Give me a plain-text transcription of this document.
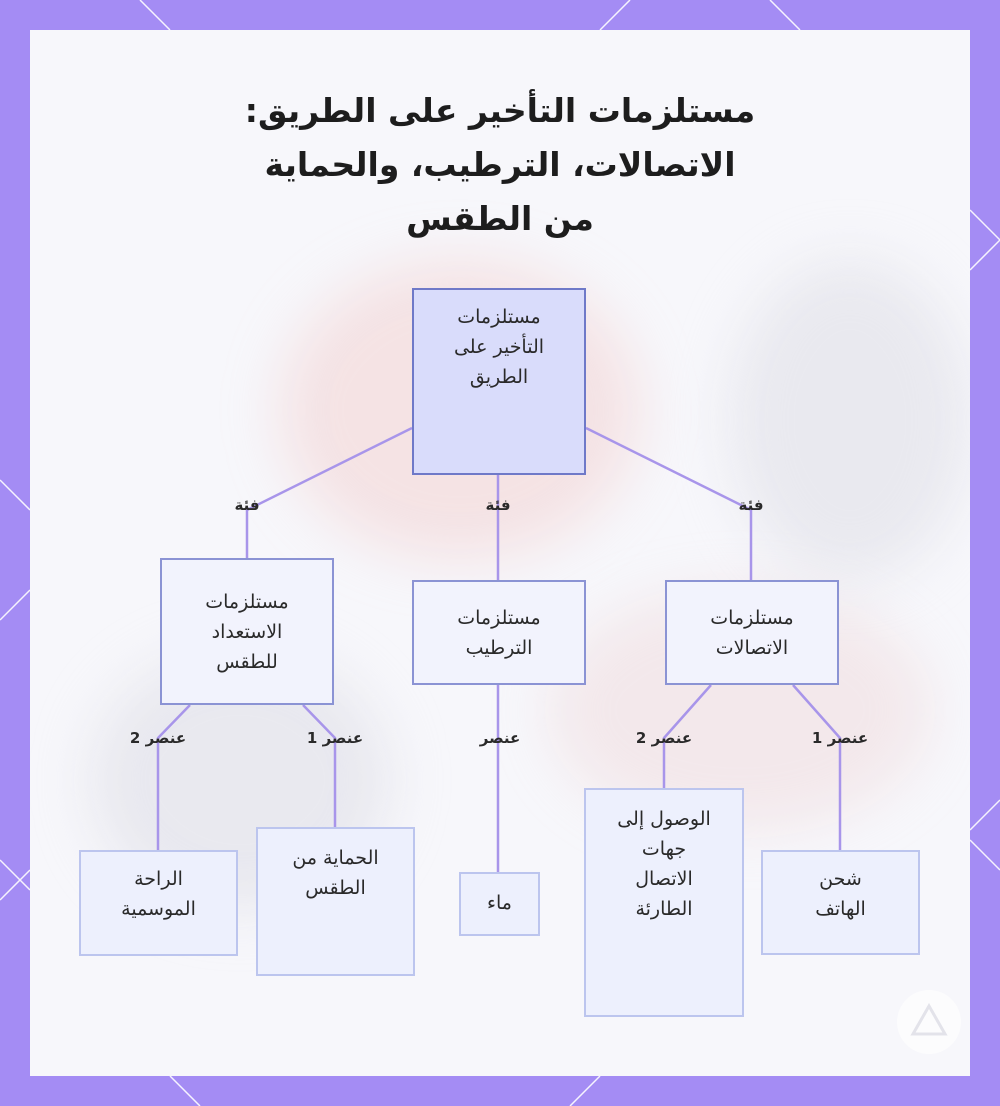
مستلزمات التأخير على الطريق:
الاتصالات، الترطيب، والحماية
من الطقس
فئة	فئة	فئة
عنصر 2	عنصر 1	عنصر	عنصر 2	عنصر 1
مستلزمات
التأخير على
الطريق
مستلزمات
الاستعداد
للطقس
مستلزمات
الترطيب
مستلزمات
الاتصالات
الراحة
الموسمية
الحماية من
الطقس
ماء
الوصول إلى
جهات
الاتصال
الطارئة
شحن
الهاتف
